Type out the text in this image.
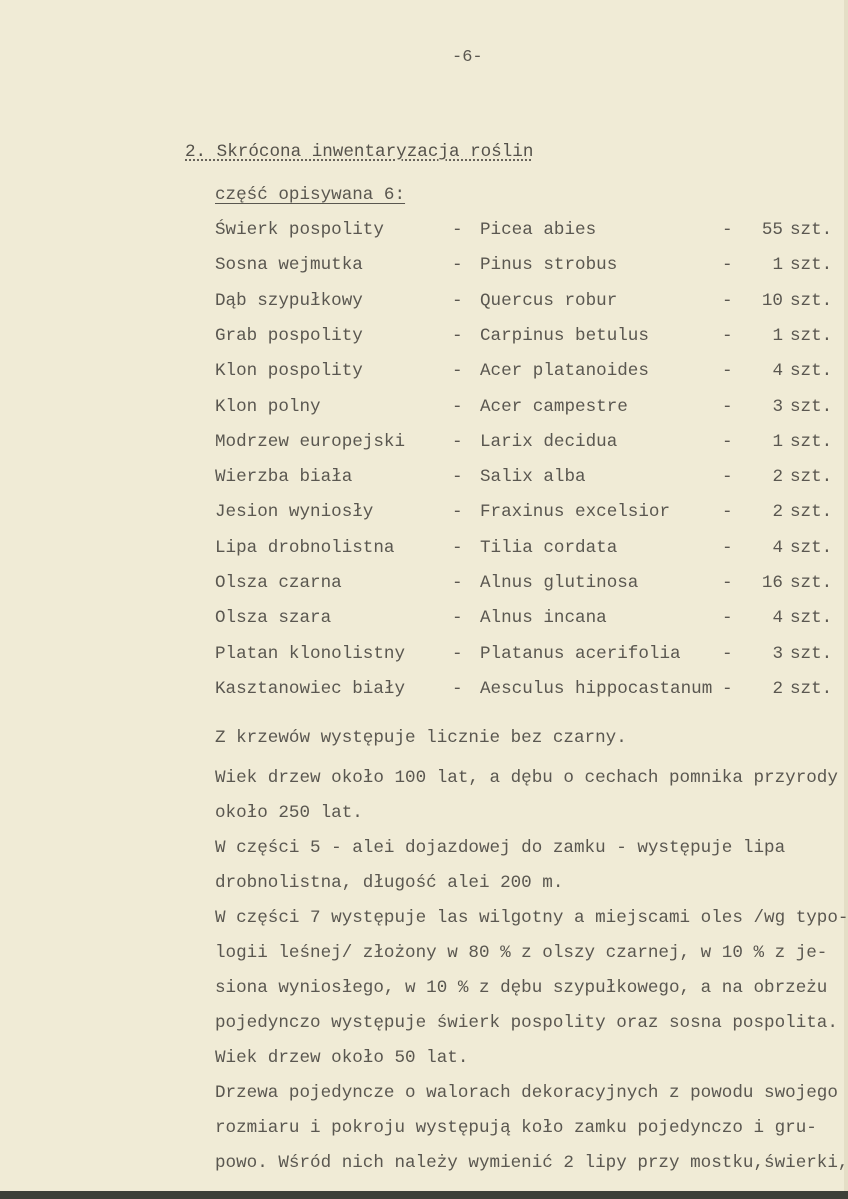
-6-
2. Skrócona inwentaryzacja roślin
część opisywana 6:
Świerk pospolity	- Picea abies	-	55 szt.
Sosna wejmutka	- Pinus strobus	-	1 szt.
Dąb szypułkowy	- Quercus robur	-	10 szt.
Grab pospolity	- Carpinus betulus	-	1 szt.
Klon pospolity	- Acer platanoides	-	4 szt.
Klon polny	- Acer campestre	-	3 szt.
Modrzew europejski	- Larix decidua	-	1 szt.
Wierzba biała	- Salix alba	-	2 szt.
Jesion wyniosły	- Fraxinus excelsior	-	2 szt.
Lipa drobnolistna	- Tilia cordata	-	4 szt.
Olsza czarna	- Alnus glutinosa	-	16 szt.
Olsza szara	- Alnus incana	-	4 szt.
Platan klonolistny	- Platanus acerifolia -	3 szt.
Kasztanowiec biały	- Aesculus hippocastanum -	2 szt.
Z krzewów występuje licznie bez czarny.
Wiek drzew około 100 lat, a dębu o cechach pomnika przyrody
około 250 lat.
W części 5 - alei dojazdowej do zamku - występuje lipa
drobnolistna, długość alei 200 m.
W części 7 występuje las wilgotny a miejscami oles /wg typo-
logii leśnej/ złożony w 80 % z olszy czarnej, w 10 % z je-
siona wyniosłego, w 10 % z dębu szypułkowego, a na obrzeżu
pojedynczo występuje świerk pospolity oraz sosna pospolita.
Wiek drzew około 50 lat.
Drzewa pojedyncze o walorach dekoracyjnych z powodu swojego
rozmiaru i pokroju występują koło zamku pojedynczo i gru-
powo. Wśród nich należy wymienić 2 lipy przy mostku,świerki,
